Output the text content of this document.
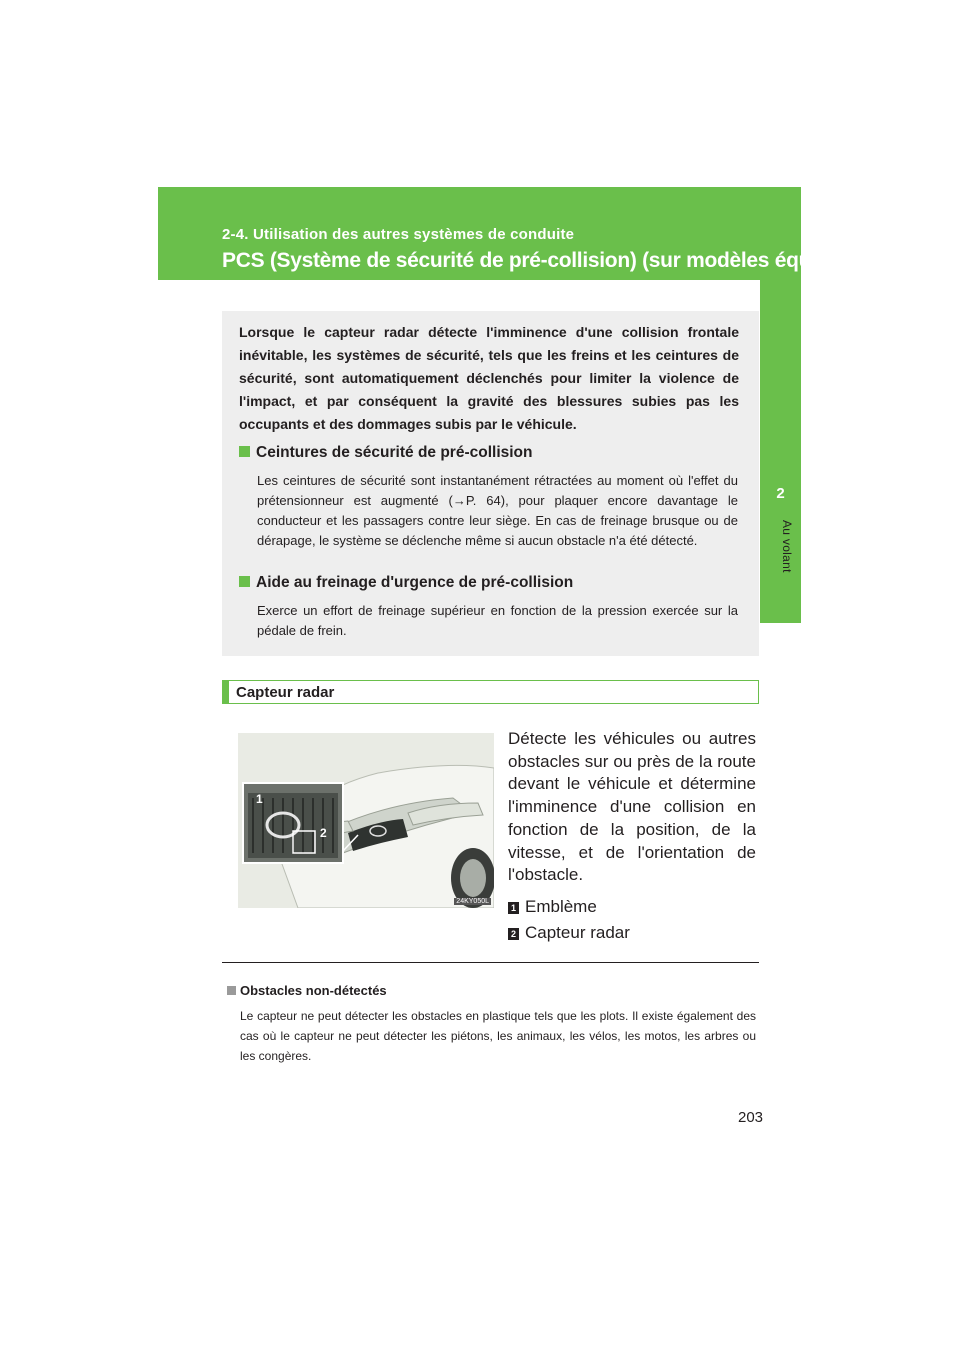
2-4. Utilisation des autres systèmes de conduite
PCS (Système de sécurité de pré-collision) (sur modèles équipés)
2
Au volant
Lorsque le capteur radar détecte l'imminence d'une collision frontale inévitable, les systèmes de sécurité, tels que les freins et les ceintures de sécurité, sont automatiquement déclenchés pour limiter la violence de l'impact, et par conséquent la gravité des blessures subies pas les occupants et des dommages subis par le véhicule.
Ceintures de sécurité de pré-collision
Les ceintures de sécurité sont instantanément rétractées au moment où l'effet du prétensionneur est augmenté (→P. 64), pour plaquer encore davantage le conducteur et les passagers contre leur siège. En cas de freinage brusque ou de dérapage, le système se déclenche même si aucun obstacle n'a été détecté.
Aide au freinage d'urgence de pré-collision
Exerce un effort de freinage supérieur en fonction de la pression exercée sur la pédale de frein.
Capteur radar
1
2
24KY050L
Détecte les véhicules ou autres obstacles sur ou près de la route devant le véhicule et détermine l'imminence d'une collision en fonction de la position, de la vitesse, et de l'orientation de l'obstacle.
1 Emblème
2 Capteur radar
Obstacles non-détectés
Le capteur ne peut détecter les obstacles en plastique tels que les plots. Il existe également des cas où le capteur ne peut détecter les piétons, les animaux, les vélos, les motos, les arbres ou les congères.
203
